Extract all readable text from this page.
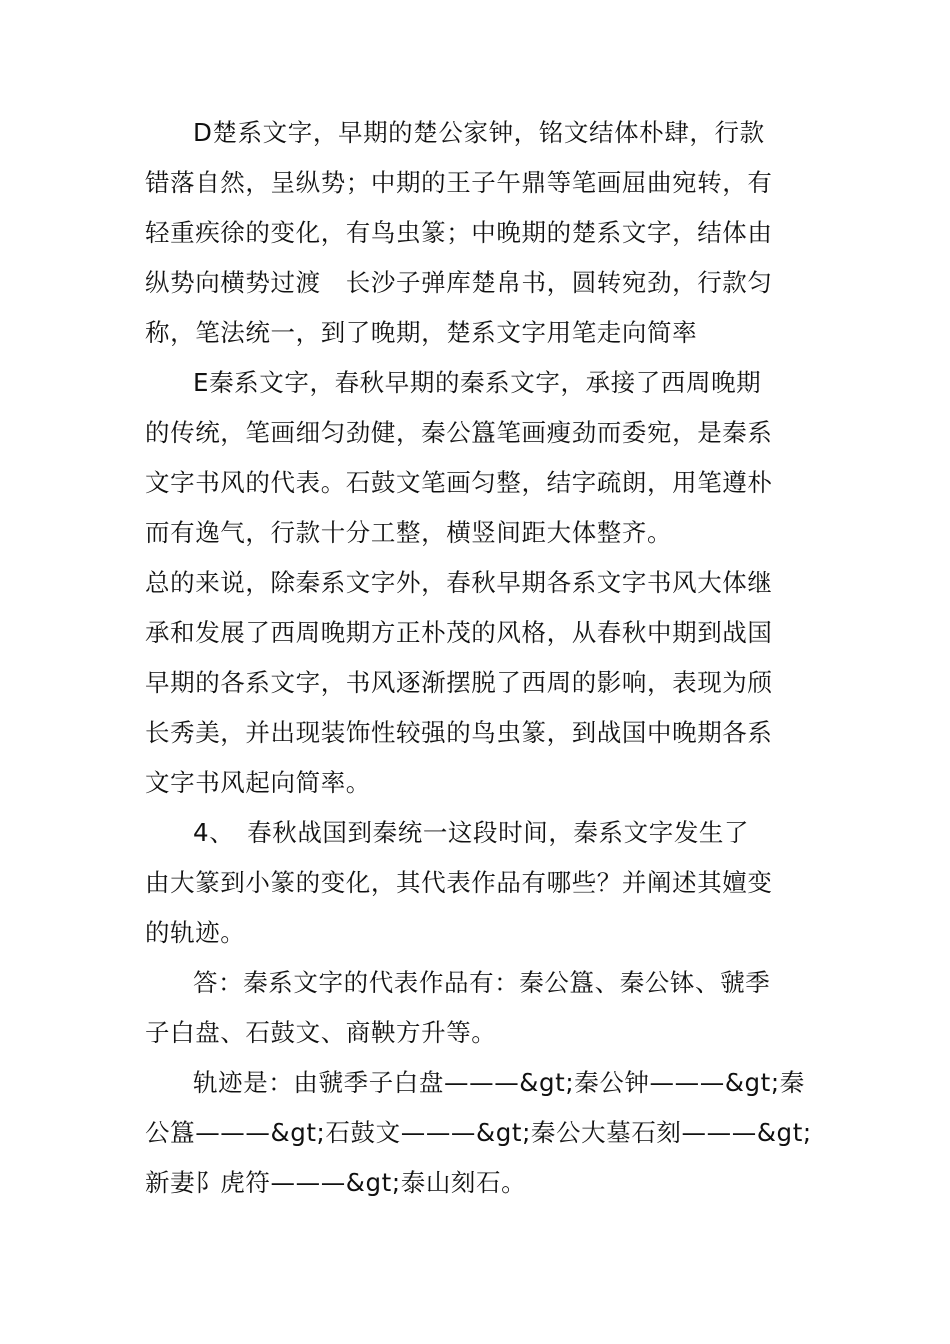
D楚系文字，早期的楚公家钟，铭文结体朴肆，行款
错落自然，呈纵势；中期的王子午鼎等笔画屈曲宛转，有
轻重疾徐的变化，有鸟虫篆；中晚期的楚系文字，结体由
纵势向横势过渡　长沙子弹库楚帛书，圆转宛劲，行款匀
称，笔法统一，到了晚期，楚系文字用笔走向简率
E秦系文字，春秋早期的秦系文字，承接了西周晚期
的传统，笔画细匀劲健，秦公簋笔画瘦劲而委宛，是秦系
文字书风的代表。石鼓文笔画匀整，结字疏朗，用笔遵朴
而有逸气，行款十分工整，横竖间距大体整齐。
总的来说，除秦系文字外，春秋早期各系文字书风大体继
承和发展了西周晚期方正朴茂的风格，从春秋中期到战国
早期的各系文字，书风逐渐摆脱了西周的影响，表现为颀
长秀美，并出现装饰性较强的鸟虫篆，到战国中晚期各系
文字书风起向简率。
4、　春秋战国到秦统一这段时间，秦系文字发生了
由大篆到小篆的变化，其代表作品有哪些？并阐述其嬗变
的轨迹。
答：秦系文字的代表作品有：秦公簋、秦公钵、虢季
子白盘、石鼓文、商鞅方升等。
轨迹是：由虢季子白盘———&gt;秦公钟———&gt;秦
公簋———&gt;石鼓文———&gt;秦公大墓石刻———&gt;
新妻阝虎符———&gt;泰山刻石。
